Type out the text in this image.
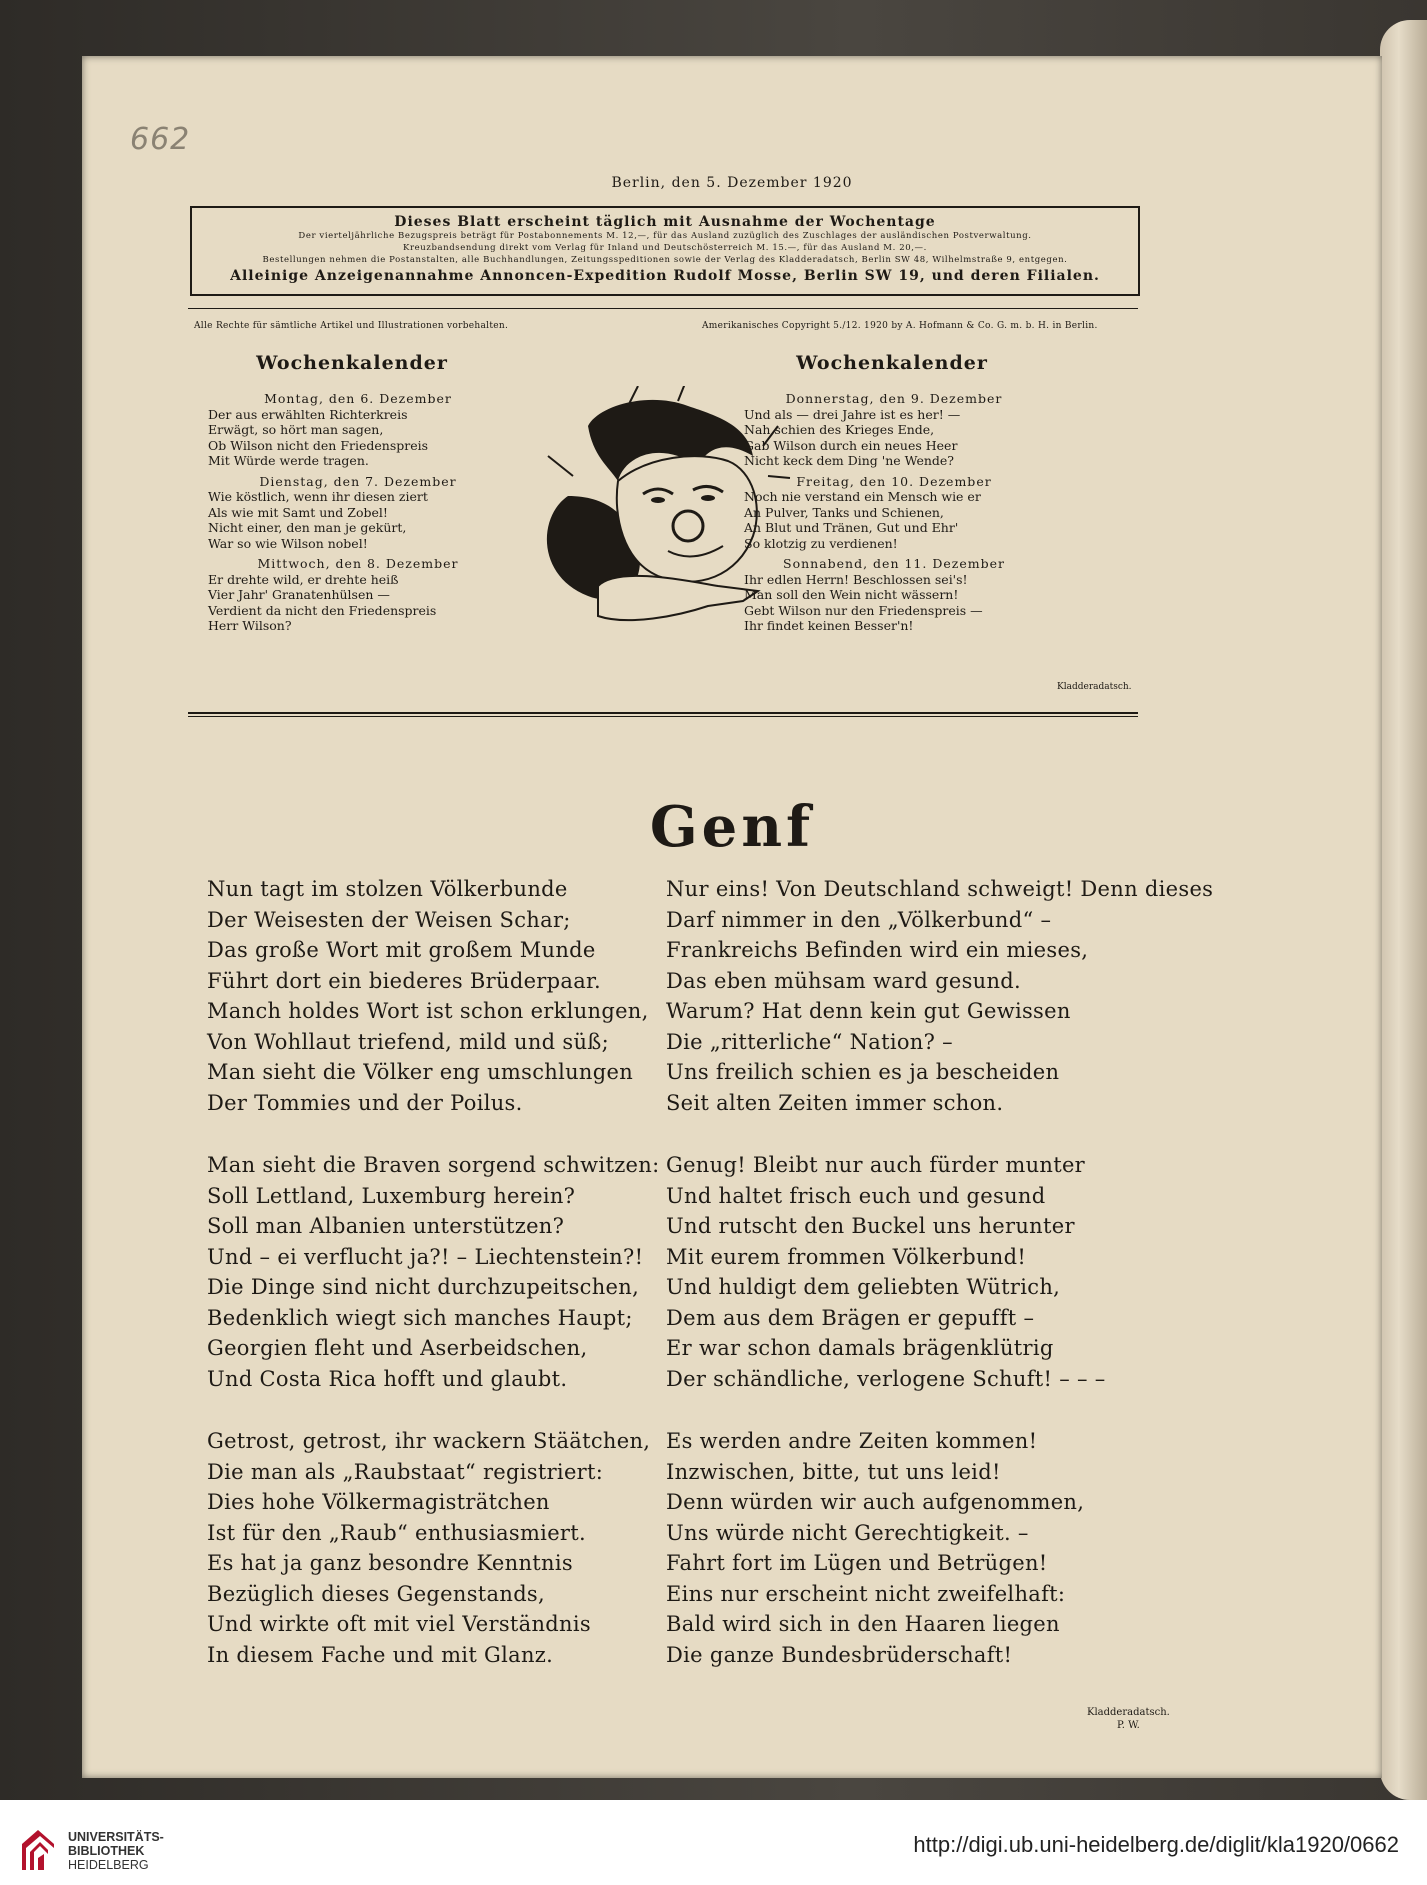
662
Berlin, den 5. Dezember 1920
Dieses Blatt erscheint täglich mit Ausnahme der Wochentage
Der vierteljährliche Bezugspreis beträgt für Postabonnements M. 12,—, für das Ausland zuzüglich des Zuschlages der ausländischen Postverwaltung.
Kreuzbandsendung direkt vom Verlag für Inland und Deutschösterreich M. 15.—, für das Ausland M. 20,—.
Bestellungen nehmen die Postanstalten, alle Buchhandlungen, Zeitungsspeditionen sowie der Verlag des Kladderadatsch, Berlin SW 48, Wilhelmstraße 9, entgegen.
Alleinige Anzeigenannahme Annoncen-Expedition Rudolf Mosse, Berlin SW 19, und deren Filialen.
Alle Rechte für sämtliche Artikel und Illustrationen vorbehalten.	Amerikanisches Copyright 5./12. 1920 by A. Hofmann & Co. G. m. b. H. in Berlin.
Wochenkalender
Montag, den 6. Dezember
Der aus erwählten Richterkreis
Erwägt, so hört man sagen,
Ob Wilson nicht den Friedenspreis
Mit Würde werde tragen.
Dienstag, den 7. Dezember
Wie köstlich, wenn ihr diesen ziert
Als wie mit Samt und Zobel!
Nicht einer, den man je gekürt,
War so wie Wilson nobel!
Mittwoch, den 8. Dezember
Er drehte wild, er drehte heiß
Vier Jahr' Granatenhülsen —
Verdient da nicht den Friedenspreis
Herr Wilson?
Wochenkalender
Donnerstag, den 9. Dezember
Und als — drei Jahre ist es her! —
Nah schien des Krieges Ende,
Gab Wilson durch ein neues Heer
Nicht keck dem Ding 'ne Wende?
Freitag, den 10. Dezember
Noch nie verstand ein Mensch wie er
An Pulver, Tanks und Schienen,
An Blut und Tränen, Gut und Ehr'
So klotzig zu verdienen!
Sonnabend, den 11. Dezember
Ihr edlen Herrn! Beschlossen sei's!
Man soll den Wein nicht wässern!
Gebt Wilson nur den Friedenspreis —
Ihr findet keinen Besser'n!
Kladderadatsch.
Genf
Nun tagt im stolzen Völkerbunde
Der Weisesten der Weisen Schar;
Das große Wort mit großem Munde
Führt dort ein biederes Brüderpaar.
Manch holdes Wort ist schon erklungen,
Von Wohllaut triefend, mild und süß;
Man sieht die Völker eng umschlungen
Der Tommies und der Poilus.
Man sieht die Braven sorgend schwitzen:
Soll Lettland, Luxemburg herein?
Soll man Albanien unterstützen?
Und – ei verflucht ja?! – Liechtenstein?!
Die Dinge sind nicht durchzupeitschen,
Bedenklich wiegt sich manches Haupt;
Georgien fleht und Aserbeidschen,
Und Costa Rica hofft und glaubt.
Getrost, getrost, ihr wackern Stäätchen,
Die man als „Raubstaat“ registriert:
Dies hohe Völkermagisträtchen
Ist für den „Raub“ enthusiasmiert.
Es hat ja ganz besondre Kenntnis
Bezüglich dieses Gegenstands,
Und wirkte oft mit viel Verständnis
In diesem Fache und mit Glanz.
Nur eins! Von Deutschland schweigt! Denn dieses
Darf nimmer in den „Völkerbund“ –
Frankreichs Befinden wird ein mieses,
Das eben mühsam ward gesund.
Warum? Hat denn kein gut Gewissen
Die „ritterliche“ Nation? –
Uns freilich schien es ja bescheiden
Seit alten Zeiten immer schon.
Genug! Bleibt nur auch fürder munter
Und haltet frisch euch und gesund
Und rutscht den Buckel uns herunter
Mit eurem frommen Völkerbund!
Und huldigt dem geliebten Wütrich,
Dem aus dem Brägen er gepufft –
Er war schon damals brägenklütrig
Der schändliche, verlogene Schuft! – – –
Es werden andre Zeiten kommen!
Inzwischen, bitte, tut uns leid!
Denn würden wir auch aufgenommen,
Uns würde nicht Gerechtigkeit. –
Fahrt fort im Lügen und Betrügen!
Eins nur erscheint nicht zweifelhaft:
Bald wird sich in den Haaren liegen
Die ganze Bundesbrüderschaft!
Kladderadatsch.
P. W.
UNIVERSITÄTS-
BIBLIOTHEK
HEIDELBERG
http://digi.ub.uni-heidelberg.de/diglit/kla1920/0662
